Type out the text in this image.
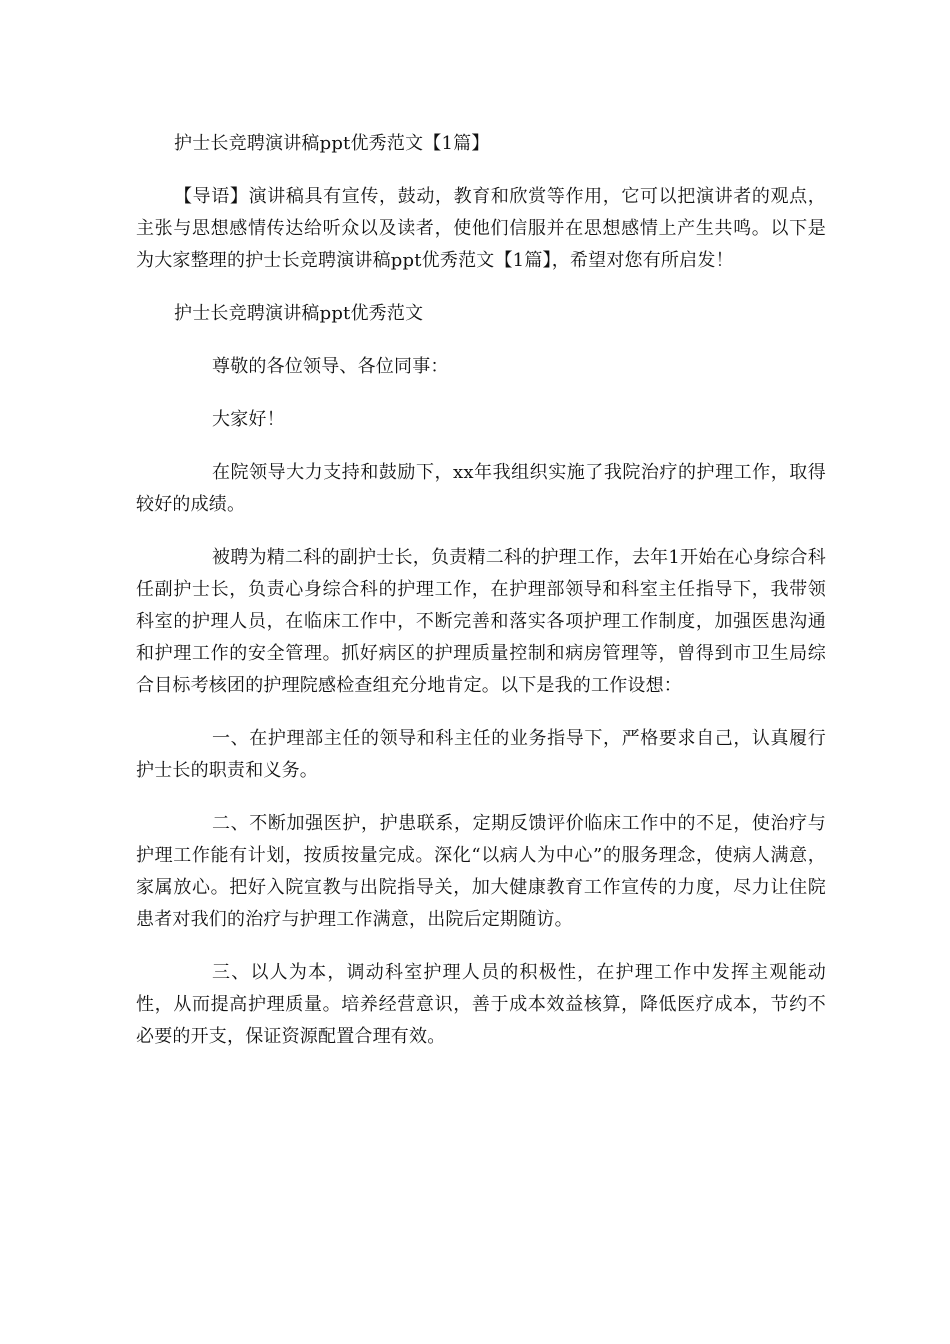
护士长竞聘演讲稿ppt优秀范文【1篇】

【导语】演讲稿具有宣传，鼓动，教育和欣赏等作用，它可以把演讲者的观点，主张与思想感情传达给听众以及读者，使他们信服并在思想感情上产生共鸣。以下是为大家整理的护士长竞聘演讲稿ppt优秀范文【1篇】，希望对您有所启发！

护士长竞聘演讲稿ppt优秀范文

尊敬的各位领导、各位同事：

大家好！

在院领导大力支持和鼓励下，xx年我组织实施了我院治疗的护理工作，取得较好的成绩。

被聘为精二科的副护士长，负责精二科的护理工作，去年1开始在心身综合科任副护士长，负责心身综合科的护理工作，在护理部领导和科室主任指导下，我带领科室的护理人员，在临床工作中，不断完善和落实各项护理工作制度，加强医患沟通和护理工作的安全管理。抓好病区的护理质量控制和病房管理等，曾得到市卫生局综合目标考核团的护理院感检查组充分地肯定。以下是我的工作设想：

一、在护理部主任的领导和科主任的业务指导下，严格要求自己，认真履行护士长的职责和义务。

二、不断加强医护，护患联系，定期反馈评价临床工作中的不足，使治疗与护理工作能有计划，按质按量完成。深化“以病人为中心”的服务理念，使病人满意，家属放心。把好入院宣教与出院指导关，加大健康教育工作宣传的力度，尽力让住院患者对我们的治疗与护理工作满意，出院后定期随访。

三、以人为本，调动科室护理人员的积极性，在护理工作中发挥主观能动性，从而提高护理质量。培养经营意识，善于成本效益核算，降低医疗成本，节约不必要的开支，保证资源配置合理有效。
